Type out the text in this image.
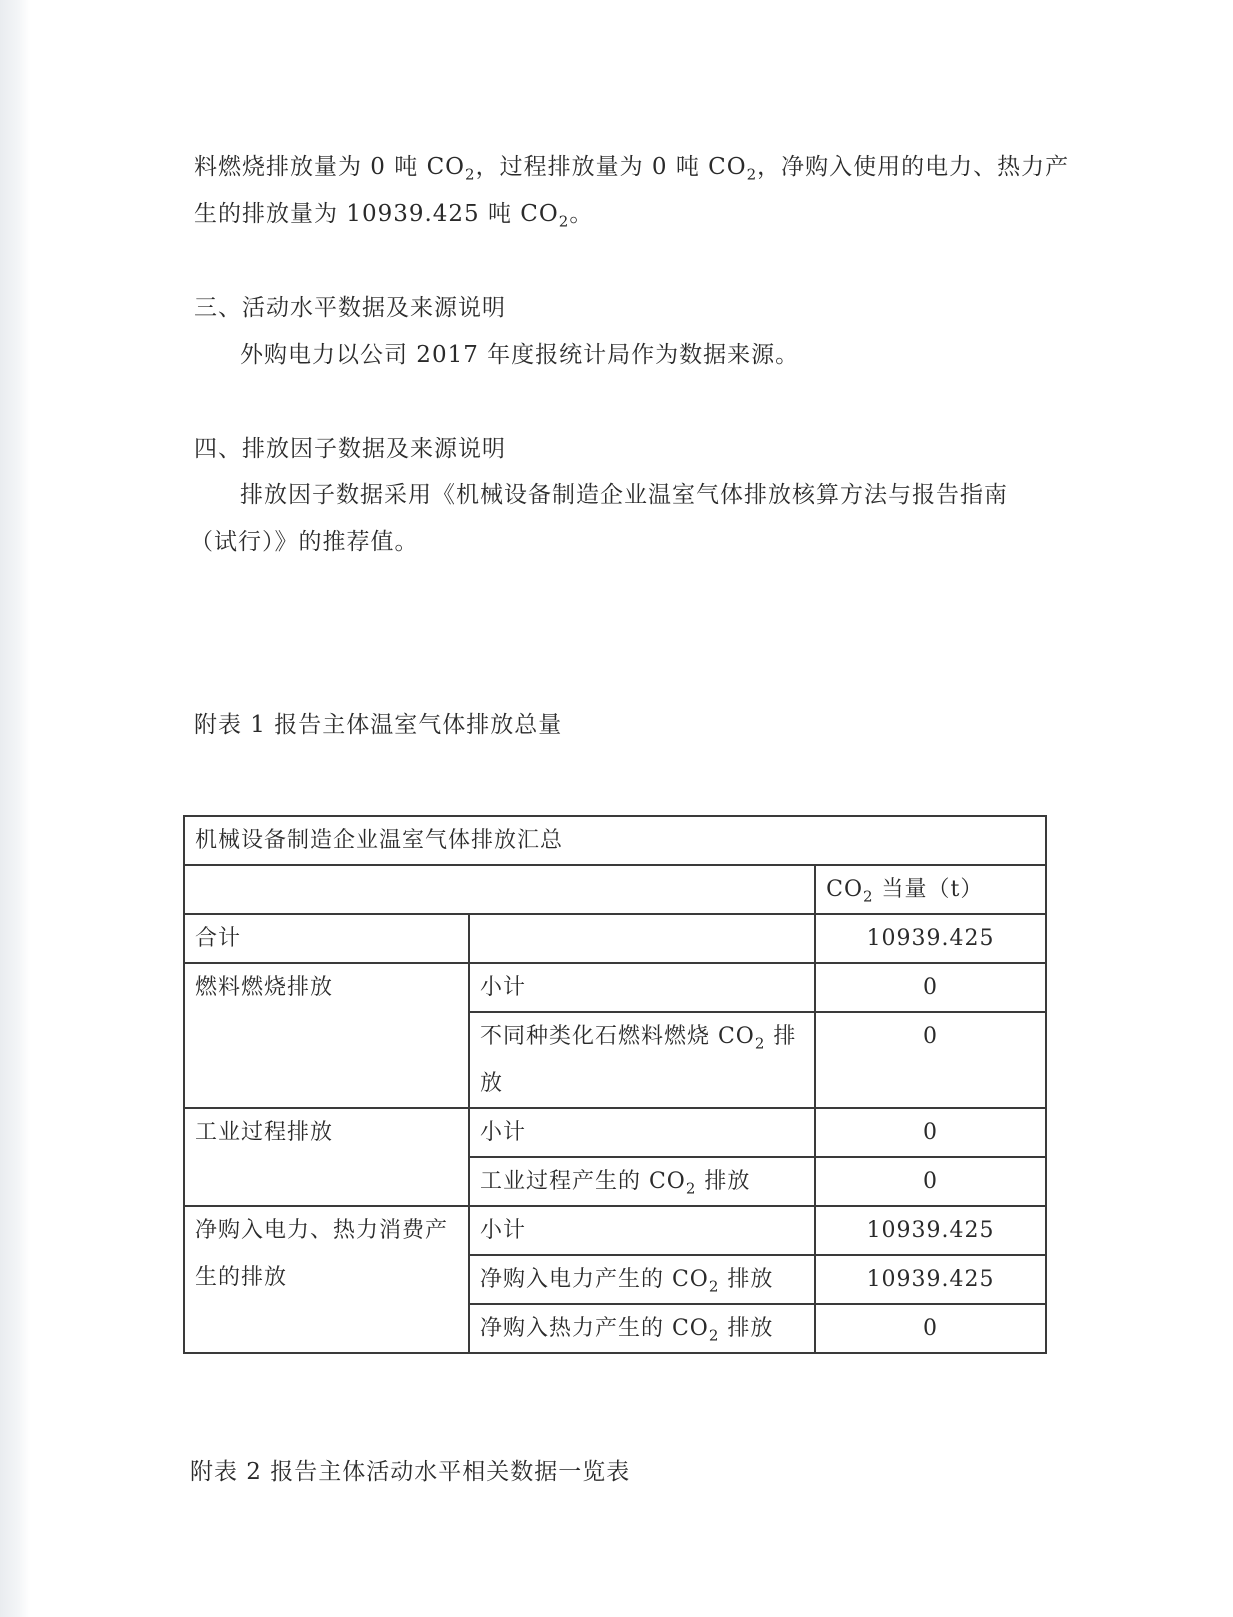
料燃烧排放量为 0 吨 $CO_2$，过程排放量为 0 吨 $CO_2$，净购入使用的电力、热力产
生的排放量为 10939.425 吨 $CO_2$。
三、活动水平数据及来源说明
外购电力以公司 2017 年度报统计局作为数据来源。
四、排放因子数据及来源说明
排放因子数据采用《机械设备制造企业温室气体排放核算方法与报告指南
（试行）》的推荐值。
附表 1 报告主体温室气体排放总量
机械设备制造企业温室气体排放汇总		
		$CO_2$ 当量（t）
合计		10939.425
燃料燃烧排放	小计	0
	不同种类化石燃料燃烧 $CO_2$ 排放	0
工业过程排放	小计	0
	工业过程产生的 $CO_2$ 排放	0
净购入电力、热力消费产生的排放	小计	10939.425
	净购入电力产生的 $CO_2$ 排放	10939.425
	净购入热力产生的 $CO_2$ 排放	0
附表 2 报告主体活动水平相关数据一览表
